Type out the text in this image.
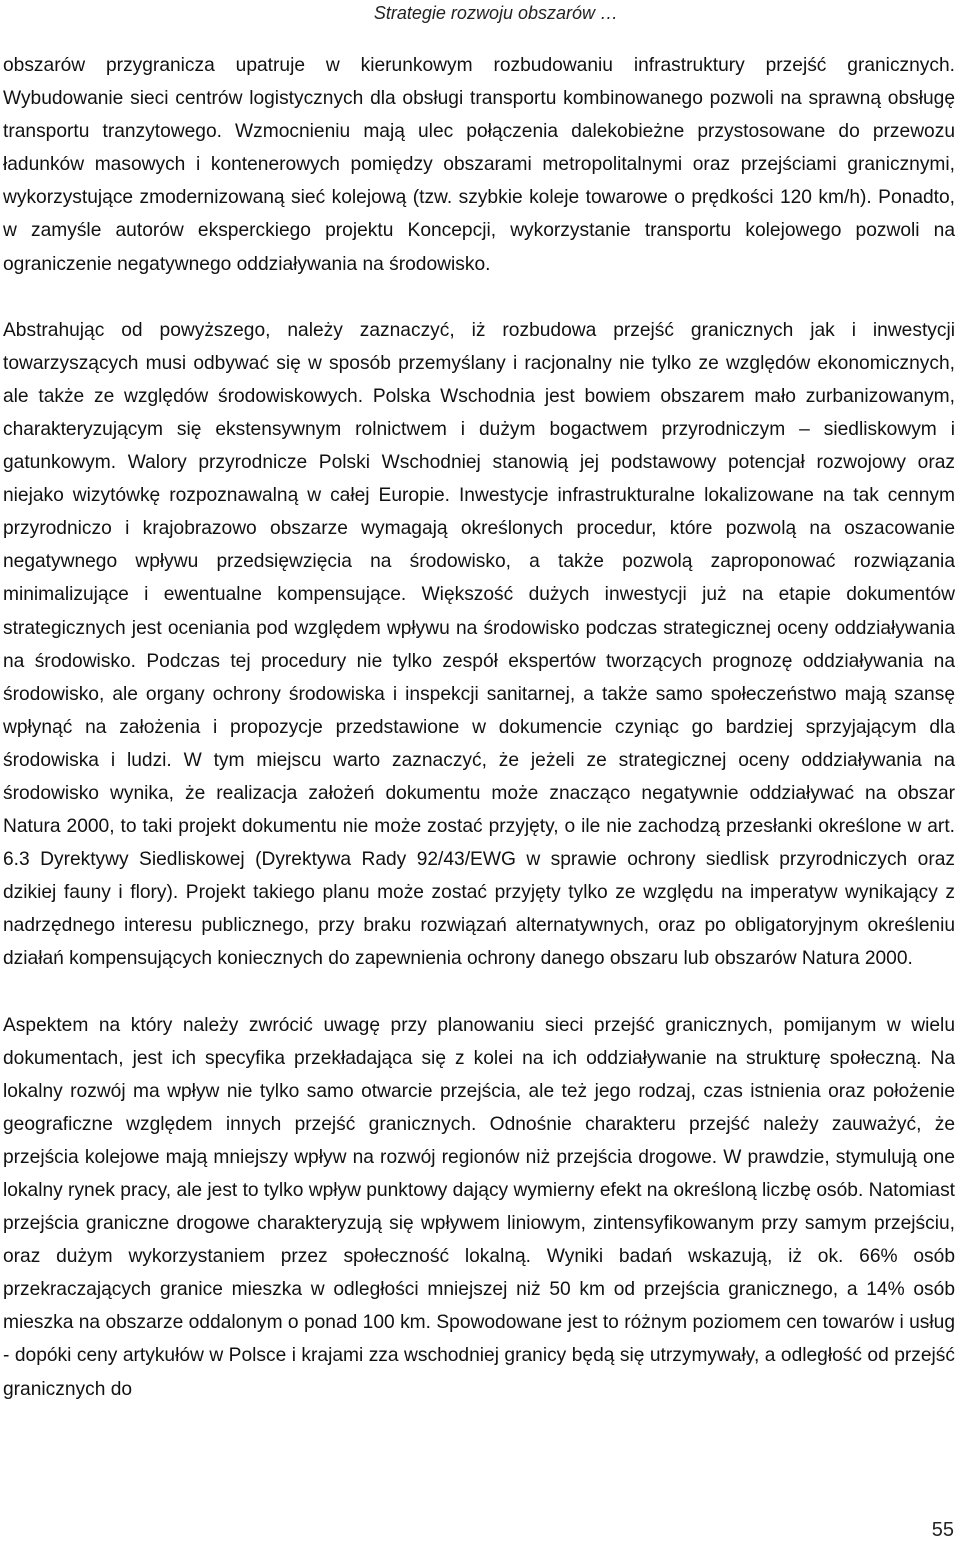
Strategie rozwoju obszarów …

obszarów przygranicza upatruje w kierunkowym rozbudowaniu infrastruktury przejść granicznych. Wybudowanie sieci centrów logistycznych dla obsługi transportu kombinowanego pozwoli na sprawną obsługę transportu tranzytowego. Wzmocnieniu mają ulec połączenia dalekobieżne przystosowane do przewozu ładunków masowych i kontenerowych pomiędzy obszarami metropolitalnymi oraz przejściami granicznymi, wykorzystujące zmodernizowaną sieć kolejową (tzw. szybkie koleje towarowe o prędkości 120 km/h). Ponadto, w zamyśle autorów eksperckiego projektu Koncepcji, wykorzystanie transportu kolejowego pozwoli na ograniczenie negatywnego oddziaływania na środowisko.

Abstrahując od powyższego, należy zaznaczyć, iż rozbudowa przejść granicznych jak i inwestycji towarzyszących musi odbywać się w sposób przemyślany i racjonalny nie tylko ze względów ekonomicznych, ale także ze względów środowiskowych. Polska Wschodnia jest bowiem obszarem mało zurbanizowanym, charakteryzującym się ekstensywnym rolnictwem i dużym bogactwem przyrodniczym – siedliskowym i gatunkowym. Walory przyrodnicze Polski Wschodniej stanowią jej podstawowy potencjał rozwojowy oraz niejako wizytówkę rozpoznawalną w całej Europie. Inwestycje infrastrukturalne lokalizowane na tak cennym przyrodniczo i krajobrazowo obszarze wymagają określonych procedur, które pozwolą na oszacowanie negatywnego wpływu przedsięwzięcia na środowisko, a także pozwolą zaproponować rozwiązania minimalizujące i ewentualne kompensujące. Większość dużych inwestycji już na etapie dokumentów strategicznych jest oceniania pod względem wpływu na środowisko podczas strategicznej oceny oddziaływania na środowisko. Podczas tej procedury nie tylko zespół ekspertów tworzących prognozę oddziaływania na środowisko, ale organy ochrony środowiska i inspekcji sanitarnej, a także samo społeczeństwo mają szansę wpłynąć na założenia i propozycje przedstawione w dokumencie czyniąc go bardziej sprzyjającym dla środowiska i ludzi. W tym miejscu warto zaznaczyć, że jeżeli ze strategicznej oceny oddziaływania na środowisko wynika, że realizacja założeń dokumentu może znacząco negatywnie oddziaływać na obszar Natura 2000, to taki projekt dokumentu nie może zostać przyjęty, o ile nie zachodzą przesłanki określone w art. 6.3 Dyrektywy Siedliskowej (Dyrektywa Rady 92/43/EWG w sprawie ochrony siedlisk przyrodniczych oraz dzikiej fauny i flory). Projekt takiego planu może zostać przyjęty tylko ze względu na imperatyw wynikający z nadrzędnego interesu publicznego, przy braku rozwiązań alternatywnych, oraz po obligatoryjnym określeniu działań kompensujących koniecznych do zapewnienia ochrony danego obszaru lub obszarów Natura 2000.

Aspektem na który należy zwrócić uwagę przy planowaniu sieci przejść granicznych, pomijanym w wielu dokumentach, jest ich specyfika przekładająca się z kolei na ich oddziaływanie na strukturę społeczną. Na lokalny rozwój ma wpływ nie tylko samo otwarcie przejścia, ale też jego rodzaj, czas istnienia oraz położenie geograficzne względem innych przejść granicznych. Odnośnie charakteru przejść należy zauważyć, że przejścia kolejowe mają mniejszy wpływ na rozwój regionów niż przejścia drogowe. W prawdzie, stymulują one lokalny rynek pracy, ale jest to tylko wpływ punktowy dający wymierny efekt na określoną liczbę osób. Natomiast przejścia graniczne drogowe charakteryzują się wpływem liniowym, zintensyfikowanym przy samym przejściu, oraz dużym wykorzystaniem przez społeczność lokalną. Wyniki badań wskazują, iż ok. 66% osób przekraczających granice mieszka w odległości mniejszej niż 50 km od przejścia granicznego, a 14% osób mieszka na obszarze oddalonym o ponad 100 km. Spowodowane jest to różnym poziomem cen towarów i usług - dopóki ceny artykułów w Polsce i krajami zza wschodniej granicy będą się utrzymywały, a odległość od przejść granicznych do

55
